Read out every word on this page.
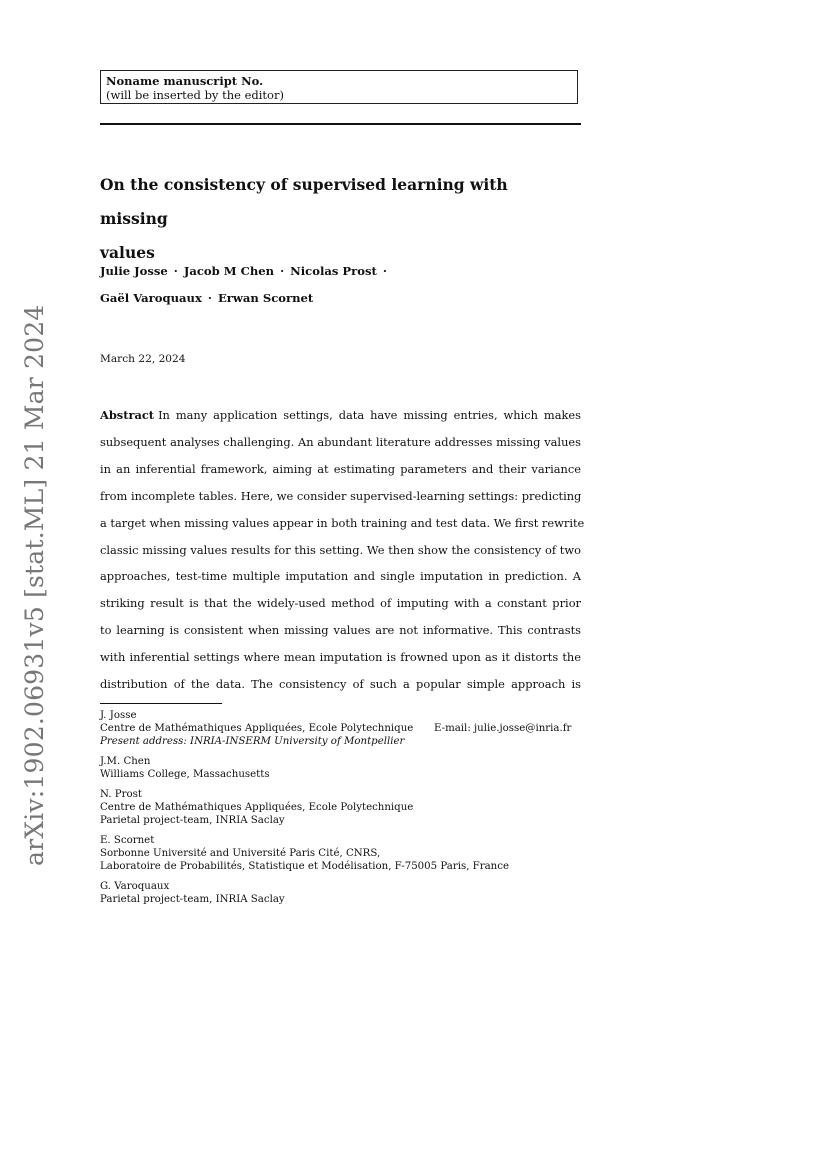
Noname manuscript No.
(will be inserted by the editor)
On the consistency of supervised learning with missing
values
Julie Josse · Jacob M Chen · Nicolas Prost ·
Gaël Varoquaux · Erwan Scornet
March 22, 2024
Abstract In many application settings, data have missing entries, which makes
subsequent analyses challenging. An abundant literature addresses missing values
in an inferential framework, aiming at estimating parameters and their variance
from incomplete tables. Here, we consider supervised-learning settings: predicting
a target when missing values appear in both training and test data. We first rewrite
classic missing values results for this setting. We then show the consistency of two
approaches, test-time multiple imputation and single imputation in prediction. A
striking result is that the widely-used method of imputing with a constant prior
to learning is consistent when missing values are not informative. This contrasts
with inferential settings where mean imputation is frowned upon as it distorts the
distribution of the data. The consistency of such a popular simple approach is
J. Josse
Centre de Mathémathiques Appliquées, Ecole Polytechnique E-mail: julie.josse@inria.fr
Present address: INRIA-INSERM University of Montpellier
J.M. Chen
Williams College, Massachusetts
N. Prost
Centre de Mathémathiques Appliquées, Ecole Polytechnique
Parietal project-team, INRIA Saclay
E. Scornet
Sorbonne Université and Université Paris Cité, CNRS,
Laboratoire de Probabilités, Statistique et Modélisation, F-75005 Paris, France
G. Varoquaux
Parietal project-team, INRIA Saclay
arXiv:1902.06931v5 [stat.ML] 21 Mar 2024
